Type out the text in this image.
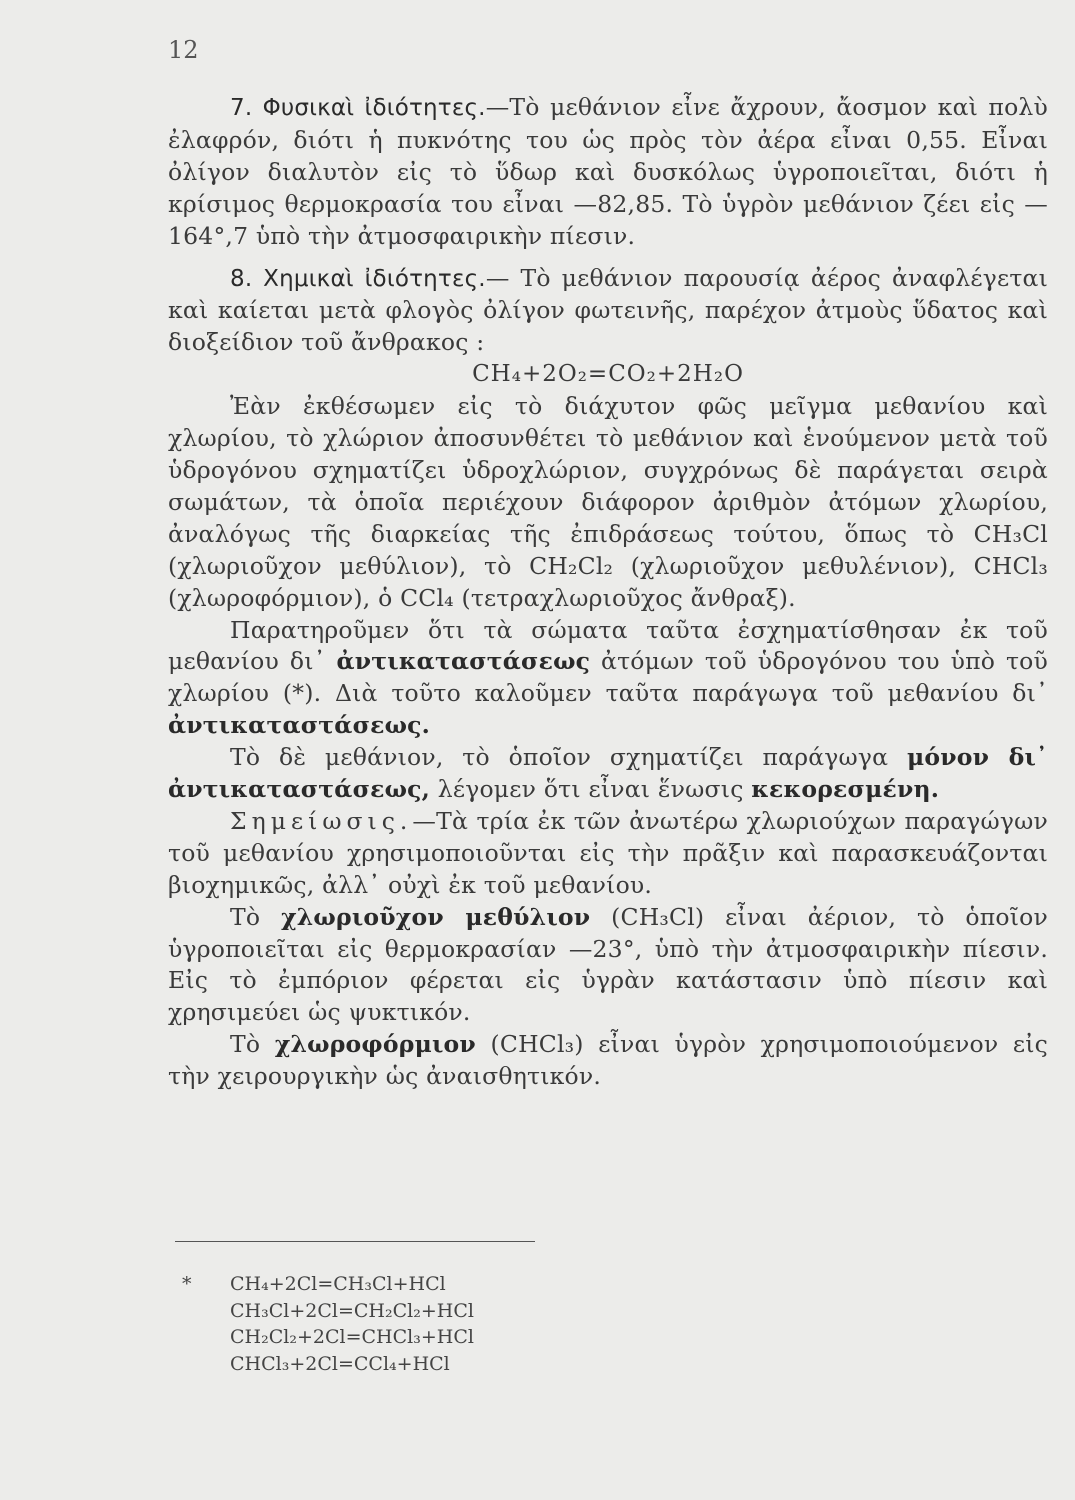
12

7. Φυσικαὶ ἰδιότητες.—Τὸ μεθάνιον εἶνε ἄχρουν, ἄοσμον καὶ πολὺ ἐλαφρόν, διότι ἡ πυκνότης του ὡς πρὸς τὸν ἀέρα εἶναι 0,55. Εἶναι ὀλίγον διαλυτὸν εἰς τὸ ὕδωρ καὶ δυσκόλως ὑγροποιεῖται, διότι ἡ κρίσιμος θερμοκρασία του εἶναι —82,85. Τὸ ὑγρὸν μεθάνιον ζέει εἰς —164°,7 ὑπὸ τὴν ἀτμοσφαιρικὴν πίεσιν.

8. Χημικαὶ ἰδιότητες.— Τὸ μεθάνιον παρουσίᾳ ἀέρος ἀναφλέγεται καὶ καίεται μετὰ φλογὸς ὀλίγον φωτεινῆς, παρέχον ἀτμοὺς ὕδατος καὶ διοξείδιον τοῦ ἄνθρακος :

CH₄+2O₂=CO₂+2H₂O

Ἐὰν ἐκθέσωμεν εἰς τὸ διάχυτον φῶς μεῖγμα μεθανίου καὶ χλωρίου, τὸ χλώριον ἀποσυνθέτει τὸ μεθάνιον καὶ ἑνούμενον μετὰ τοῦ ὑδρογόνου σχηματίζει ὑδροχλώριον, συγχρόνως δὲ παράγεται σειρὰ σωμάτων, τὰ ὁποῖα περιέχουν διάφορον ἀριθμὸν ἀτόμων χλωρίου, ἀναλόγως τῆς διαρκείας τῆς ἐπιδράσεως τούτου, ὅπως τὸ CH₃Cl (χλωριοῦχον μεθύλιον), τὸ CH₂Cl₂ (χλωριοῦχον μεθυλένιον), CHCl₃ (χλωροφόρμιον), ὁ CCl₄ (τετραχλωριοῦχος ἄνθραξ).

Παρατηροῦμεν ὅτι τὰ σώματα ταῦτα ἐσχηματίσθησαν ἐκ τοῦ μεθανίου δι᾿ ἀντικαταστάσεως ἀτόμων τοῦ ὑδρογόνου του ὑπὸ τοῦ χλωρίου (*). Διὰ τοῦτο καλοῦμεν ταῦτα παράγωγα τοῦ μεθανίου δι᾿ ἀντικαταστάσεως.

Τὸ δὲ μεθάνιον, τὸ ὁποῖον σχηματίζει παράγωγα μόνον δι᾿ ἀντικαταστάσεως, λέγομεν ὅτι εἶναι ἕνωσις κεκορεσμένη.

Σημείωσις.—Τὰ τρία ἐκ τῶν ἀνωτέρω χλωριούχων παραγώγων τοῦ μεθανίου χρησιμοποιοῦνται εἰς τὴν πρᾶξιν καὶ παρασκευάζονται βιοχημικῶς, ἀλλ᾿ οὐχὶ ἐκ τοῦ μεθανίου.

Τὸ χλωριοῦχον μεθύλιον (CH₃Cl) εἶναι ἀέριον, τὸ ὁποῖον ὑγροποιεῖται εἰς θερμοκρασίαν —23°, ὑπὸ τὴν ἀτμοσφαιρικὴν πίεσιν. Εἰς τὸ ἐμπόριον φέρεται εἰς ὑγρὰν κατάστασιν ὑπὸ πίεσιν καὶ χρησιμεύει ὡς ψυκτικόν.

Τὸ χλωροφόρμιον (CHCl₃) εἶναι ὑγρὸν χρησιμοποιούμενον εἰς τὴν χειρουργικὴν ὡς ἀναισθητικόν.

* CH₄+2Cl=CH₃Cl+HCl
CH₃Cl+2Cl=CH₂Cl₂+HCl
CH₂Cl₂+2Cl=CHCl₃+HCl
CHCl₃+2Cl=CCl₄+HCl
